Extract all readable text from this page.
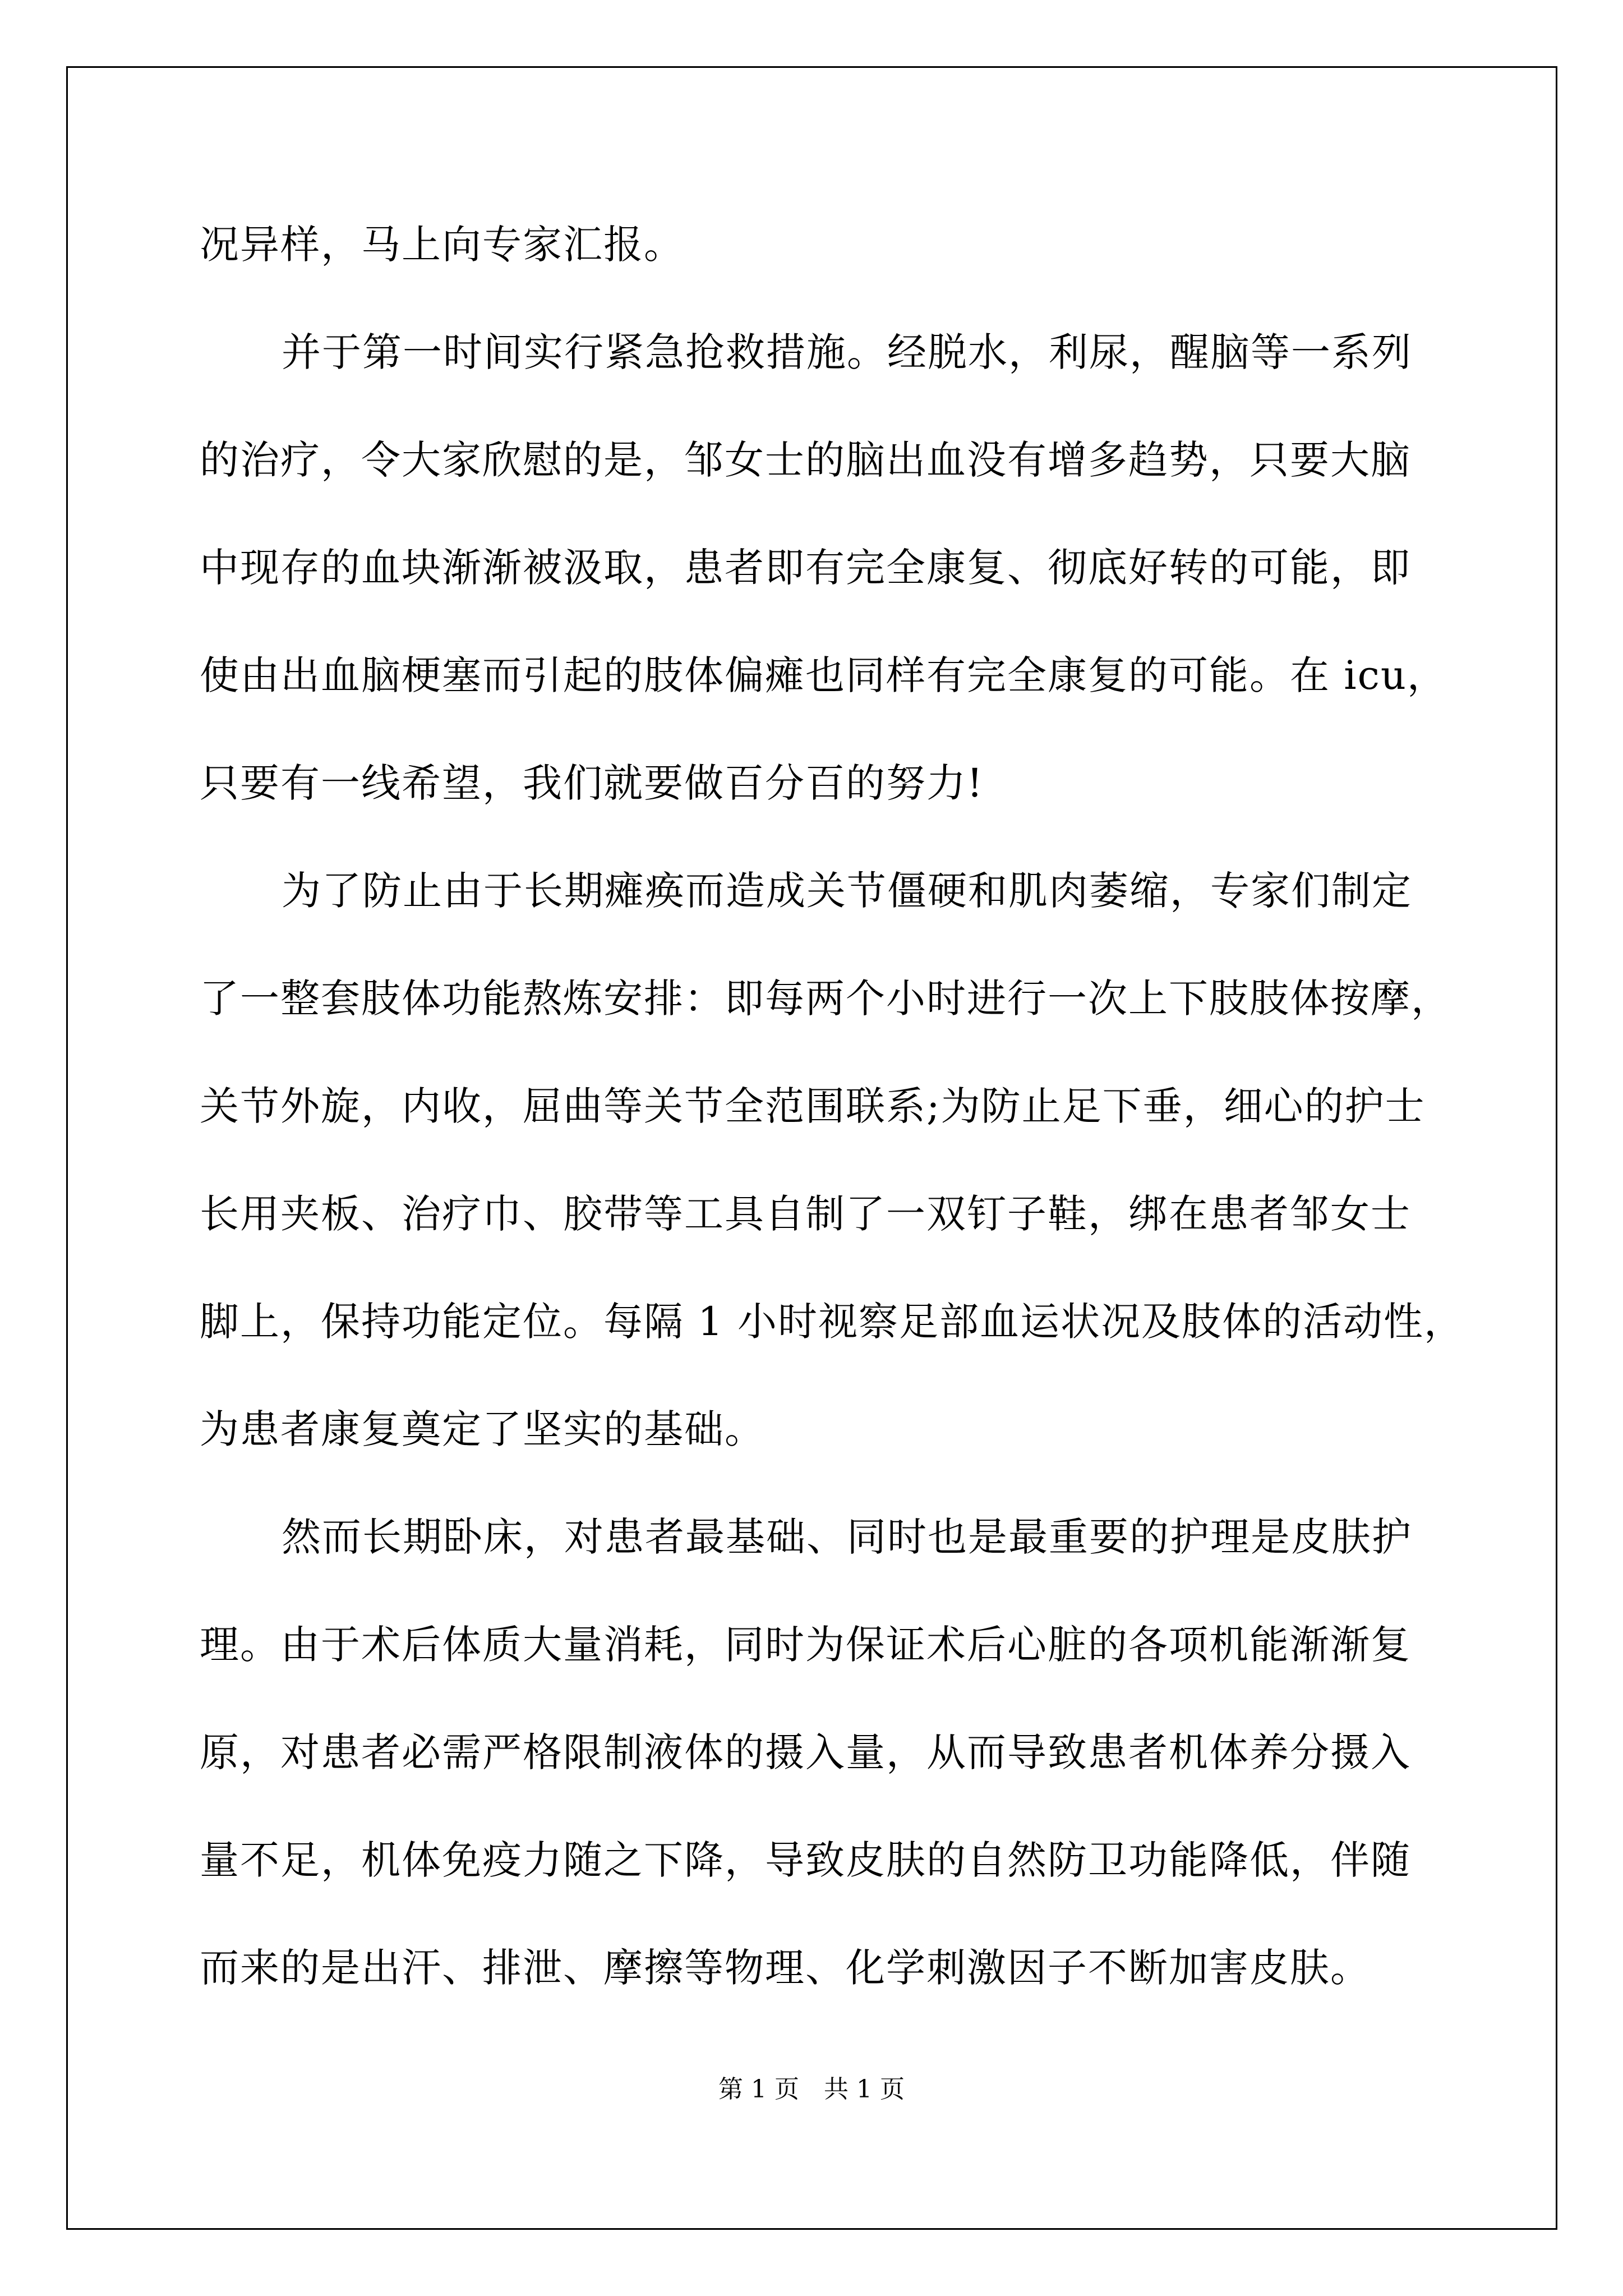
况异样，马上向专家汇报。
并于第一时间实行紧急抢救措施。经脱水，利尿，醒脑等一系列
的治疗，令大家欣慰的是，邹女士的脑出血没有增多趋势，只要大脑
中现存的血块渐渐被汲取，患者即有完全康复、彻底好转的可能，即
使由出血脑梗塞而引起的肢体偏瘫也同样有完全康复的可能。在 icu，
只要有一线希望，我们就要做百分百的努力!
为了防止由于长期瘫痪而造成关节僵硬和肌肉萎缩，专家们制定
了一整套肢体功能熬炼安排：即每两个小时进行一次上下肢肢体按摩，
关节外旋，内收，屈曲等关节全范围联系;为防止足下垂，细心的护士
长用夹板、治疗巾、胶带等工具自制了一双钉子鞋，绑在患者邹女士
脚上，保持功能定位。每隔 1 小时视察足部血运状况及肢体的活动性，
为患者康复奠定了坚实的基础。
然而长期卧床，对患者最基础、同时也是最重要的护理是皮肤护
理。由于术后体质大量消耗，同时为保证术后心脏的各项机能渐渐复
原，对患者必需严格限制液体的摄入量，从而导致患者机体养分摄入
量不足，机体免疫力随之下降，导致皮肤的自然防卫功能降低，伴随
而来的是出汗、排泄、摩擦等物理、化学刺激因子不断加害皮肤。
第 1 页 共 1 页
